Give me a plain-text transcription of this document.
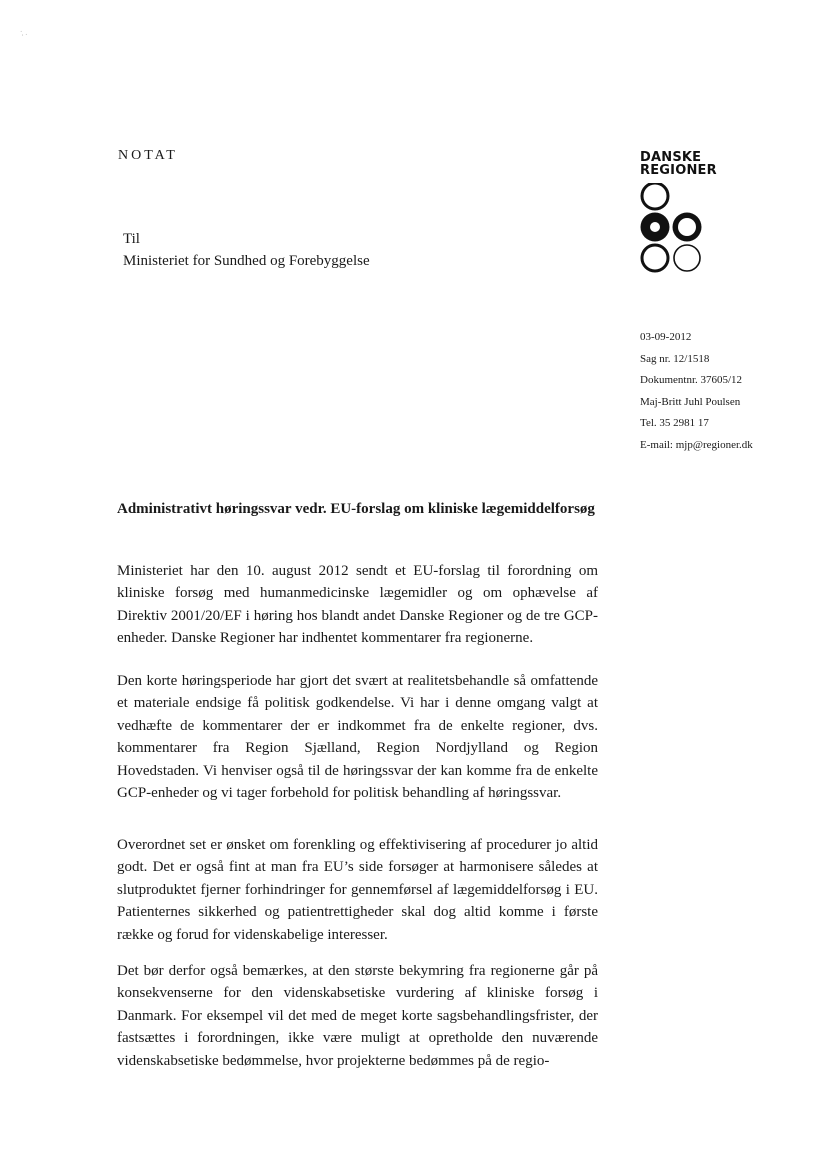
˙·˙
NOTAT
Til
Ministeriet for Sundhed og Forebyggelse
DANSKE
REGIONER
03-09-2012
Sag nr. 12/1518
Dokumentnr. 37605/12
Maj-Britt Juhl Poulsen
Tel. 35 2981 17
E-mail: mjp@regioner.dk
Administrativt høringssvar vedr. EU-forslag om kliniske lægemiddelforsøg

Ministeriet har den 10. august 2012 sendt et EU-forslag til forordning om kliniske forsøg med humanmedicinske lægemidler og om ophævelse af Direktiv 2001/20/EF i høring hos blandt andet Danske Regioner og de tre GCP-enheder. Danske Regioner har indhentet kommentarer fra regionerne.

Den korte høringsperiode har gjort det svært at realitetsbehandle så omfattende et materiale endsige få politisk godkendelse. Vi har i denne omgang valgt at vedhæfte de kommentarer der er indkommet fra de enkelte regioner, dvs. kommentarer fra Region Sjælland, Region Nordjylland og Region Hovedstaden. Vi henviser også til de høringssvar der kan komme fra de enkelte GCP-enheder og vi tager forbehold for politisk behandling af høringssvar.

Overordnet set er ønsket om forenkling og effektivisering af procedurer jo altid godt. Det er også fint at man fra EU’s side forsøger at harmonisere således at slutproduktet fjerner forhindringer for gennemførsel af lægemiddelforsøg i EU. Patienternes sikkerhed og patientrettigheder skal dog altid komme i første række og forud for videnskabelige interesser.

Det bør derfor også bemærkes, at den største bekymring fra regionerne går på konsekvenserne for den videnskabsetiske vurdering af kliniske forsøg i Danmark. For eksempel vil det med de meget korte sagsbehandlingsfrister, der fastsættes i forordningen, ikke være muligt at opretholde den nuværende videnskabsetiske bedømmelse, hvor projekterne bedømmes på de regio-
